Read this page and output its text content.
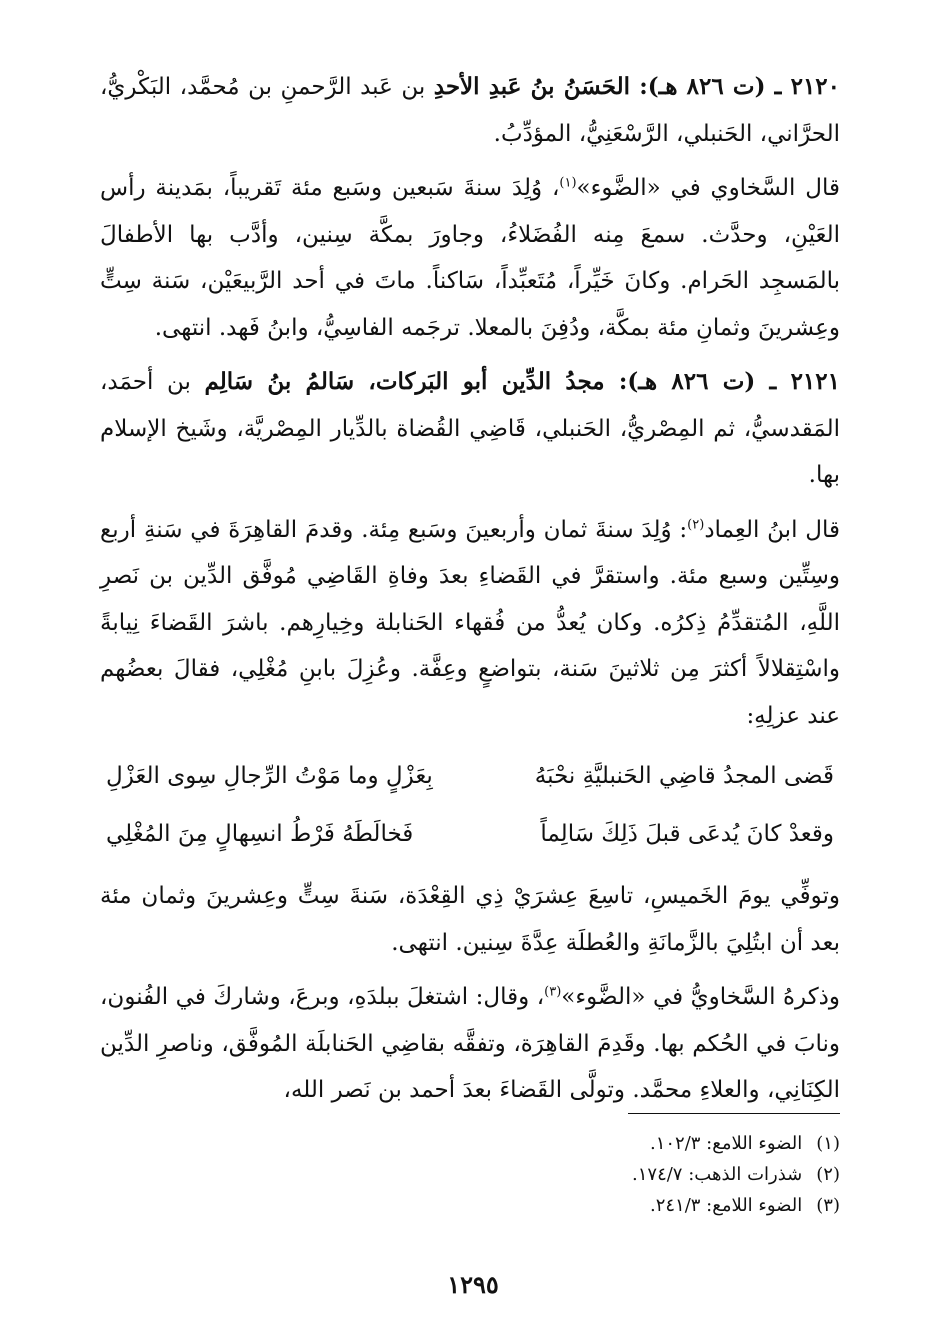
٢١٢٠ ـ (ت ٨٢٦ هـ): الحَسَنُ بنُ عَبدِ الأحدِ بن عَبد الرَّحمنِ بن مُحمَّد، البَكْريُّ، الحرَّاني، الحَنبلي، الرَّسْعَنِيُّ، المؤدِّبُ.

قال السَّخاوي في «الضَّوء»$^{(١)}$، وُلِدَ سنةَ سَبعين وسَبع مئة تَقريباً، بمَدينة رأس العَيْنِ، وحدَّث. سمعَ مِنه الفُضَلاءُ، وجاورَ بمكَّة سِنين، وأدَّب بها الأطفالَ بالمَسجِد الحَرام. وكانَ خَيِّراً، مُتَعبِّداً، سَاكناً. ماتَ في أحد الرَّبيعَيْن، سَنة سِتٍّ وعِشرينَ وثمانِ مئة بمكَّة، ودُفِنَ بالمعلا. ترجَمه الفاسِيُّ، وابنُ فَهد. انتهى.

٢١٢١ ـ (ت ٨٢٦ هـ): مجدُ الدِّين أبو البَركات، سَالمُ بنُ سَالِم بن أحمَد، المَقدسيُّ، ثم المِصْريُّ، الحَنبلي، قَاضِي القُضاة بالدِّيار المِصْريَّة، وشَيخ الإسلام بها.

قال ابنُ العِماد$^{(٢)}$: وُلِدَ سنةَ ثمان وأربعينَ وسَبع مِئة. وقدمَ القاهِرَةَ في سَنةِ أربع وسِتِّين وسبع مئة. واستقرَّ في القَضاءِ بعدَ وفاةِ القَاضِي مُوفَّق الدِّين بن نَصرِ اللَّهِ، المُتقدِّمُ ذِكرُه. وكان يُعدُّ من فُقهاء الحَنابلة وخِيارِهم. باشرَ القَضاءَ نِيابةً واسْتِقلالاً أكثرَ مِن ثلاثينَ سَنة، بتواضعٍ وعِفَّة. وعُزِلَ بابنِ مُغْلِي، فقالَ بعضُهم عند عزلِهِ:

قَضى المجدُ قاضِي الحَنبليَّةِ نحْبَهُ
بِعَزْلٍ وما مَوْتُ الرِّجالِ سِوى العَزْلِ
وقعدْ كانَ يُدعَى قبلَ ذَلِكَ سَالِماً
فَخالَطَهُ فَرْطُ انسِهالٍ مِنَ المُغْلِي

وتوفِّي يومَ الخَميسِ، تاسِعَ عِشرَيْ ذِي القِعْدَة، سَنةَ سِتٍّ وعِشرينَ وثمان مئة بعد أن ابتُلِيَ بالزَّمانَةِ والعُطلَة عِدَّةَ سِنين. انتهى.

وذكرهُ السَّخاويُّ في «الضَّوء»$^{(٣)}$، وقال: اشتغلَ ببلدَهِ، وبرعَ، وشاركَ في الفُنون، ونابَ في الحُكم بها. وقَدِمَ القاهِرَة، وتفقَّه بقاضِي الحَنابلَة المُوفَّق، وناصرِ الدِّين الكِنَانِي، والعلاءِ محمَّد. وتولَّى القَضاءَ بعدَ أحمد بن نَصر الله،

(١)الضوء اللامع: ١٠٢/٣.
(٢)شذرات الذهب: ١٧٤/٧.
(٣)الضوء اللامع: ٢٤١/٣.
١٢٩٥
